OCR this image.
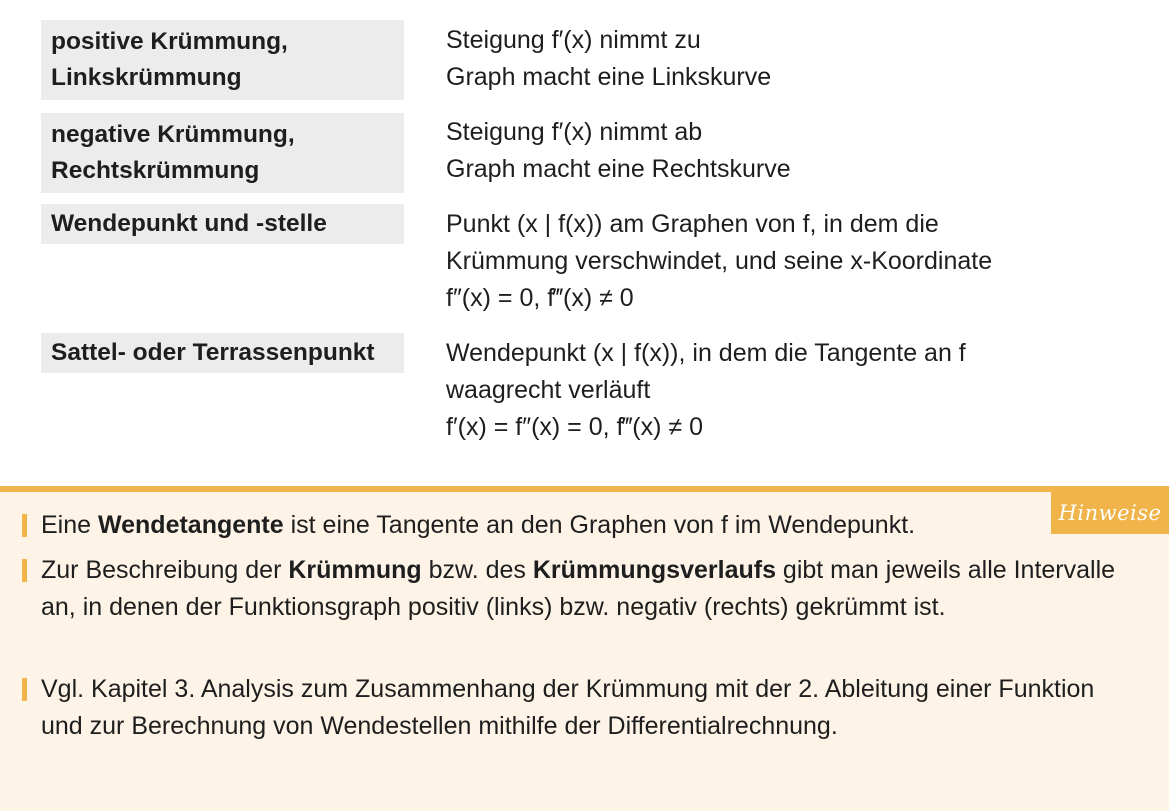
positive Krümmung,
Linkskrümmung
Steigung f′(x) nimmt zu
Graph macht eine Linkskurve
negative Krümmung,
Rechtskrümmung
Steigung f′(x) nimmt ab
Graph macht eine Rechtskurve
Wendepunkt und -stelle	Punkt (x | f(x)) am Graphen von f, in dem die
Krümmung verschwindet, und seine x-Koordinate
f″(x) = 0, f‴(x) ≠ 0
Sattel- oder Terrassenpunkt	Wendepunkt (x | f(x)), in dem die Tangente an f
waagrecht verläuft
f′(x) = f″(x) = 0, f‴(x) ≠ 0
Hinweise
Eine Wendetangente ist eine Tangente an den Graphen von f im Wendepunkt.
Zur Beschreibung der Krümmung bzw. des Krümmungsverlaufs gibt man jeweils alle Intervalle an, in denen der Funktionsgraph positiv (links) bzw. negativ (rechts) gekrümmt ist.
Vgl. Kapitel 3. Analysis zum Zusammenhang der Krümmung mit der 2. Ableitung einer Funktion und zur Berechnung von Wendestellen mithilfe der Differentialrechnung.
